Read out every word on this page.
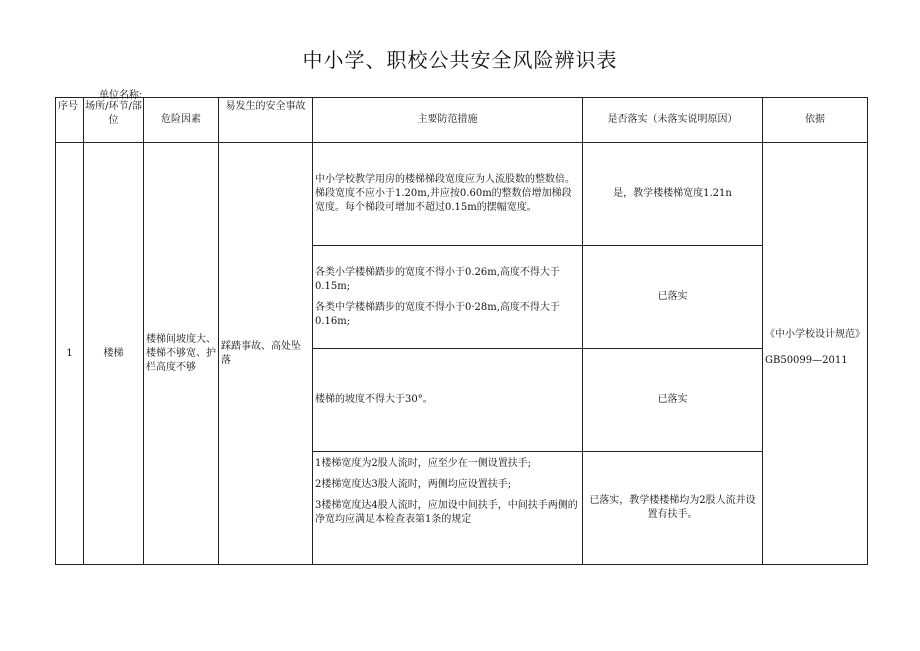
中小学、职校公共安全风险辨识表
单位名称:
序号	场所/环节/部位	危险因素	易发生的安全事故	主要防范措施	是否落实（未落实说明原因）	依据
1	楼梯	楼梯间坡度大、楼梯不够宽、护栏高度不够	踩踏事故、高处坠落	中小学校教学用房的楼梯梯段宽度应为人流股数的整数倍。梯段宽度不应小于1.20m,并应按0.60m的整数倍增加梯段宽度。每个梯段可增加不超过0.15m的摆幅宽度。	是，教学楼楼梯宽度1.21n	《中小学校设计规范》
GB50099—2011

				各类小学楼梯踏步的宽度不得小于0.26m,高度不得大于0.15m;

各类中学楼梯踏步的宽度不得小于0·28m,高度不得大于0.16m;	已落实	

				楼梯的坡度不得大于30°。	已落实	

				1楼梯宽度为2股人流时，应至少在一侧设置扶手;

2楼梯宽度达3股人流时，两侧均应设置扶手;

3楼梯宽度达4股人流时，应加设中间扶手，中间扶手两侧的净宽均应满足本检查表第1条的规定	已落实，教学楼楼梯均为2股人流并设置有扶手。	
